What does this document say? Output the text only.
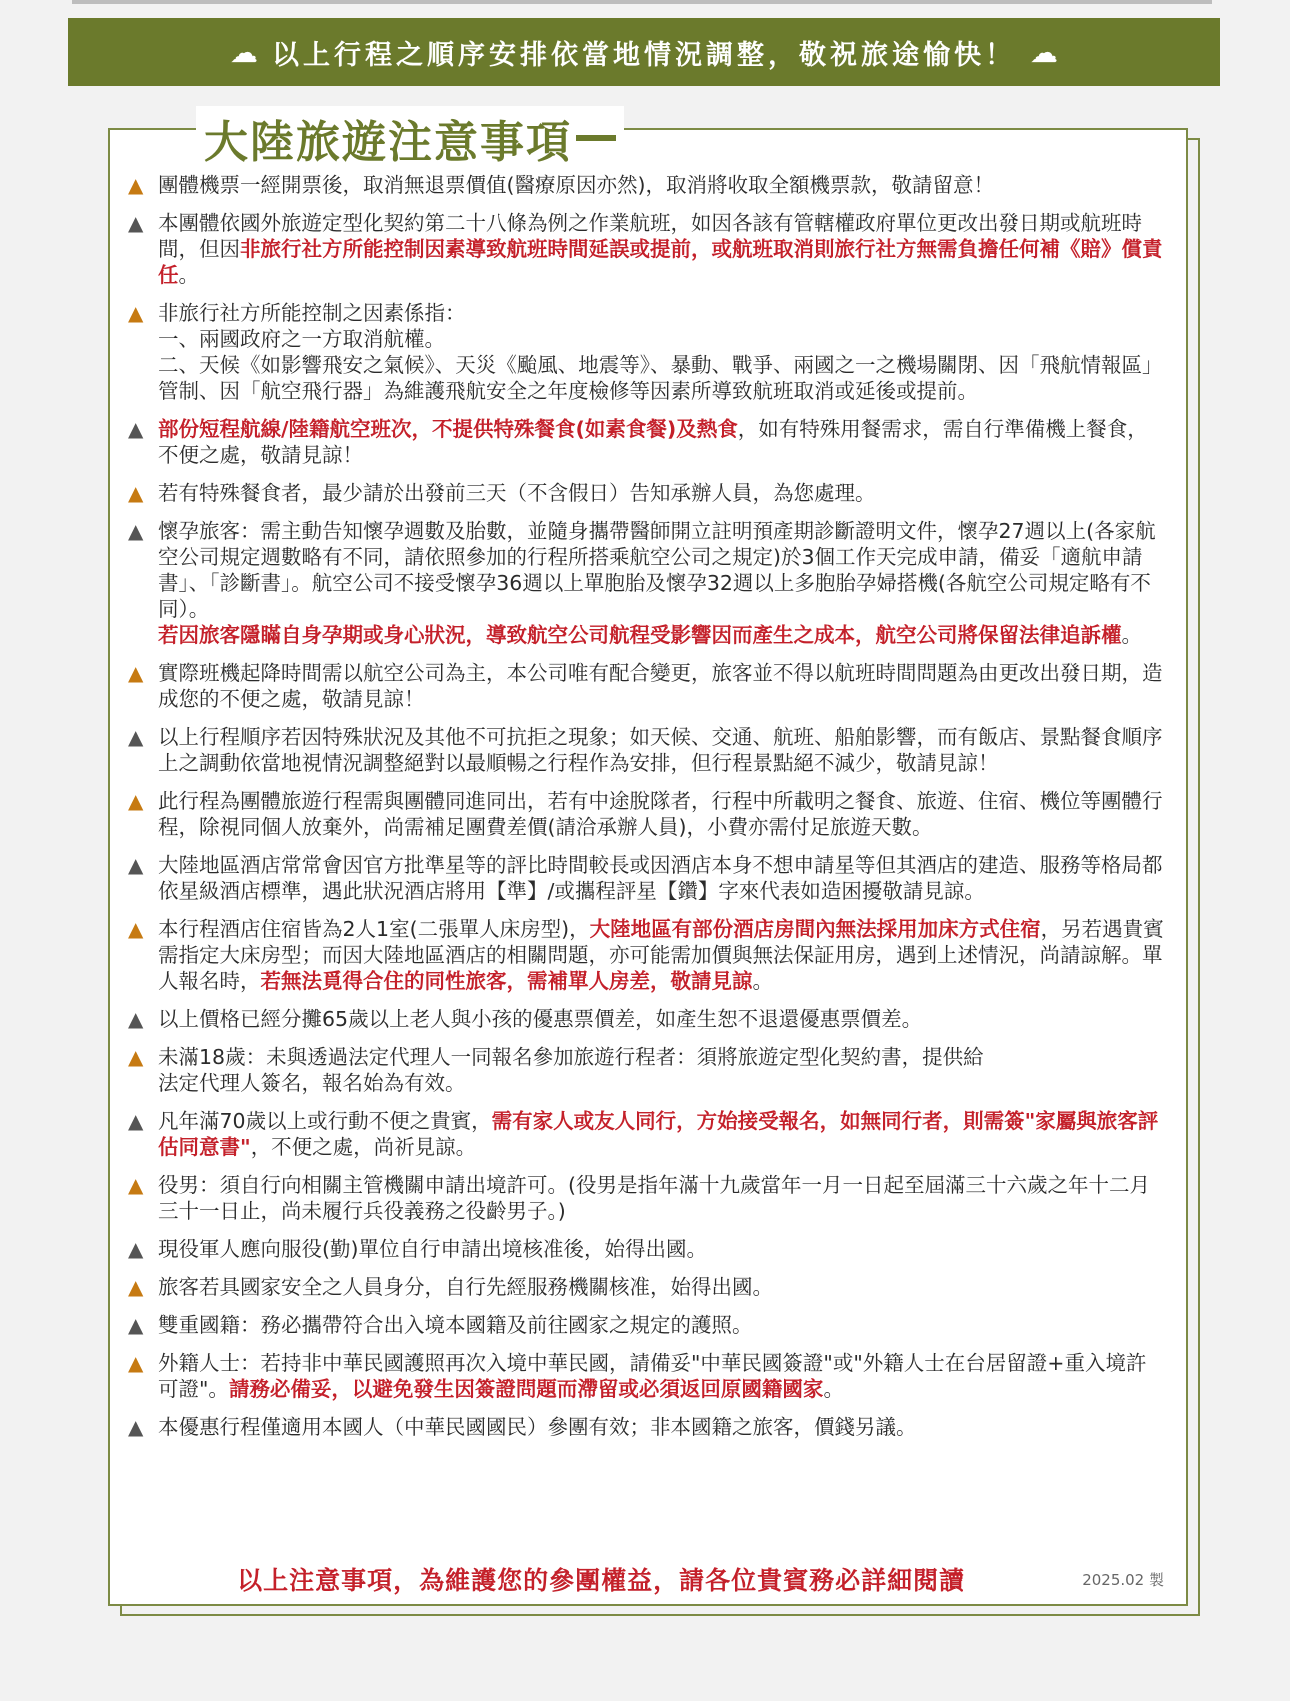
☁ 以上行程之順序安排依當地情況調整，敬祝旅途愉快！ ☁
大陸旅遊注意事項
▲ 團體機票一經開票後，取消無退票價值(醫療原因亦然)，取消將收取全額機票款，敬請留意！
▲ 本團體依國外旅遊定型化契約第二十八條為例之作業航班，如因各該有管轄權政府單位更改出發日期或航班時間，但因非旅行社方所能控制因素導致航班時間延誤或提前，或航班取消則旅行社方無需負擔任何補《賠》償責任。
▲ 非旅行社方所能控制之因素係指：
一、兩國政府之一方取消航權。
二、天候《如影響飛安之氣候》、天災《颱風、地震等》、暴動、戰爭、兩國之一之機場關閉、因「飛航情報區」管制、因「航空飛行器」為維護飛航安全之年度檢修等因素所導致航班取消或延後或提前。
▲ 部份短程航線/陸籍航空班次，不提供特殊餐食(如素食餐)及熱食，如有特殊用餐需求，需自行準備機上餐食，不便之處，敬請見諒！
▲ 若有特殊餐食者，最少請於出發前三天（不含假日）告知承辦人員，為您處理。
▲ 懷孕旅客：需主動告知懷孕週數及胎數，並隨身攜帶醫師開立註明預產期診斷證明文件，懷孕27週以上(各家航空公司規定週數略有不同，請依照參加的行程所搭乘航空公司之規定)於3個工作天完成申請，備妥「適航申請書」、「診斷書」。航空公司不接受懷孕36週以上單胞胎及懷孕32週以上多胞胎孕婦搭機(各航空公司規定略有不同）。
若因旅客隱瞞自身孕期或身心狀況，導致航空公司航程受影響因而產生之成本，航空公司將保留法律追訴權。
▲ 實際班機起降時間需以航空公司為主，本公司唯有配合變更，旅客並不得以航班時間問題為由更改出發日期，造成您的不便之處，敬請見諒！
▲ 以上行程順序若因特殊狀況及其他不可抗拒之現象；如天候、交通、航班、船舶影響，而有飯店、景點餐食順序上之調動依當地視情況調整絕對以最順暢之行程作為安排，但行程景點絕不減少，敬請見諒！
▲ 此行程為團體旅遊行程需與團體同進同出，若有中途脫隊者，行程中所載明之餐食、旅遊、住宿、機位等團體行程，除視同個人放棄外，尚需補足團費差價(請洽承辦人員)，小費亦需付足旅遊天數。
▲ 大陸地區酒店常常會因官方批準星等的評比時間較長或因酒店本身不想申請星等但其酒店的建造、服務等格局都依星級酒店標準，遇此狀況酒店將用【準】/或攜程評星【鑽】字來代表如造困擾敬請見諒。
▲ 本行程酒店住宿皆為2人1室(二張單人床房型)，大陸地區有部份酒店房間內無法採用加床方式住宿，另若遇貴賓需指定大床房型；而因大陸地區酒店的相關問題，亦可能需加價與無法保証用房，遇到上述情況，尚請諒解。單人報名時，若無法覓得合住的同性旅客，需補單人房差，敬請見諒。
▲ 以上價格已經分攤65歲以上老人與小孩的優惠票價差，如產生恕不退還優惠票價差。
▲ 未滿18歲：未與透過法定代理人一同報名參加旅遊行程者：須將旅遊定型化契約書，提供給
法定代理人簽名，報名始為有效。
▲ 凡年滿70歲以上或行動不便之貴賓，需有家人或友人同行，方始接受報名，如無同行者，則需簽"家屬與旅客評估同意書"，不便之處，尚祈見諒。
▲ 役男：須自行向相關主管機關申請出境許可。(役男是指年滿十九歲當年一月一日起至屆滿三十六歲之年十二月三十一日止，尚未履行兵役義務之役齡男子。)
▲ 現役軍人應向服役(勤)單位自行申請出境核准後，始得出國。
▲ 旅客若具國家安全之人員身分，自行先經服務機關核准，始得出國。
▲ 雙重國籍：務必攜帶符合出入境本國籍及前往國家之規定的護照。
▲ 外籍人士：若持非中華民國護照再次入境中華民國，請備妥"中華民國簽證"或"外籍人士在台居留證+重入境許可證"。請務必備妥，以避免發生因簽證問題而滯留或必須返回原國籍國家。
▲ 本優惠行程僅適用本國人（中華民國國民）參團有效；非本國籍之旅客，價錢另議。
以上注意事項，為維護您的參團權益，請各位貴賓務必詳細閱讀	2025.02 製
